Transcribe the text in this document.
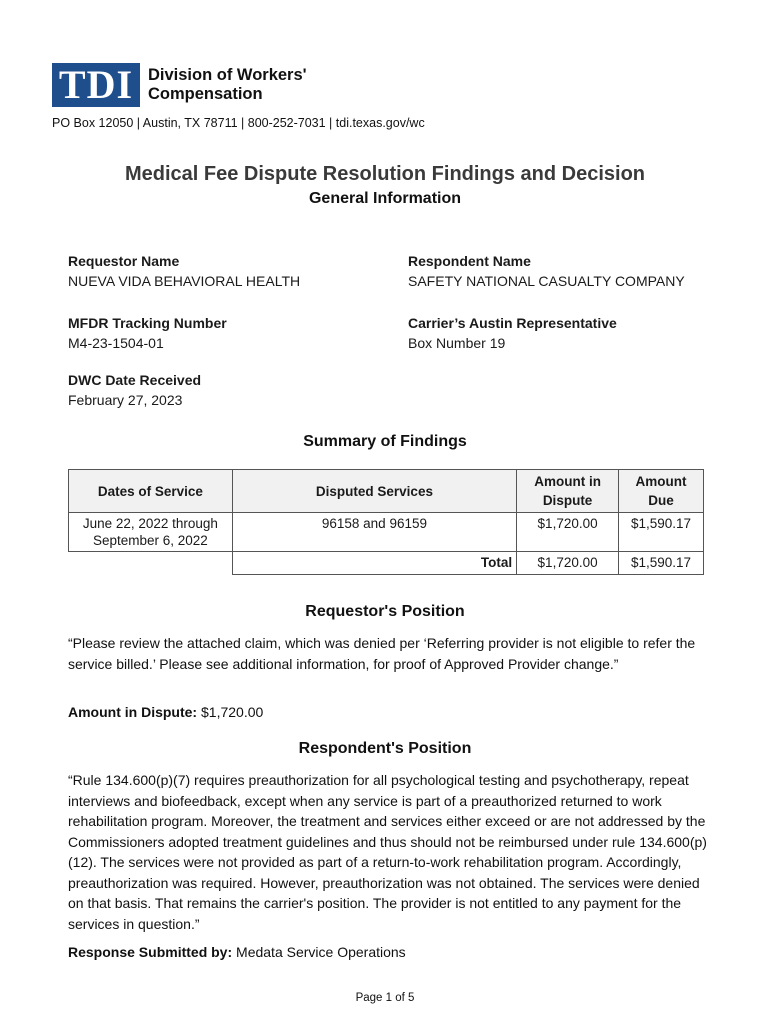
TDI Division of Workers'
Compensation
PO Box 12050 | Austin, TX 78711 | 800-252-7031 | tdi.texas.gov/wc
Medical Fee Dispute Resolution Findings and Decision
General Information
Requestor Name
NUEVA VIDA BEHAVIORAL HEALTH
Respondent Name
SAFETY NATIONAL CASUALTY COMPANY
MFDR Tracking Number
M4-23-1504-01
Carrier’s Austin Representative
Box Number 19
DWC Date Received
February 27, 2023
Summary of Findings
Dates of Service	Disputed Services	Amount in Dispute	Amount Due
June 22, 2022 through September 6, 2022	96158 and 96159	$1,720.00	$1,590.17
	Total	$1,720.00	$1,590.17
Requestor's Position
“Please review the attached claim, which was denied per ‘Referring provider is not eligible to refer the service billed.’ Please see additional information, for proof of Approved Provider change.”
Amount in Dispute: $1,720.00
Respondent's Position
“Rule 134.600(p)(7) requires preauthorization for all psychological testing and psychotherapy, repeat interviews and biofeedback, except when any service is part of a preauthorized returned to work rehabilitation program. Moreover, the treatment and services either exceed or are not addressed by the Commissioners adopted treatment guidelines and thus should not be reimbursed under rule 134.600(p)(12). The services were not provided as part of a return-to-work rehabilitation program. Accordingly, preauthorization was required. However, preauthorization was not obtained. The services were denied on that basis. That remains the carrier's position. The provider is not entitled to any payment for the services in question.”
Response Submitted by: Medata Service Operations
Page 1 of 5
